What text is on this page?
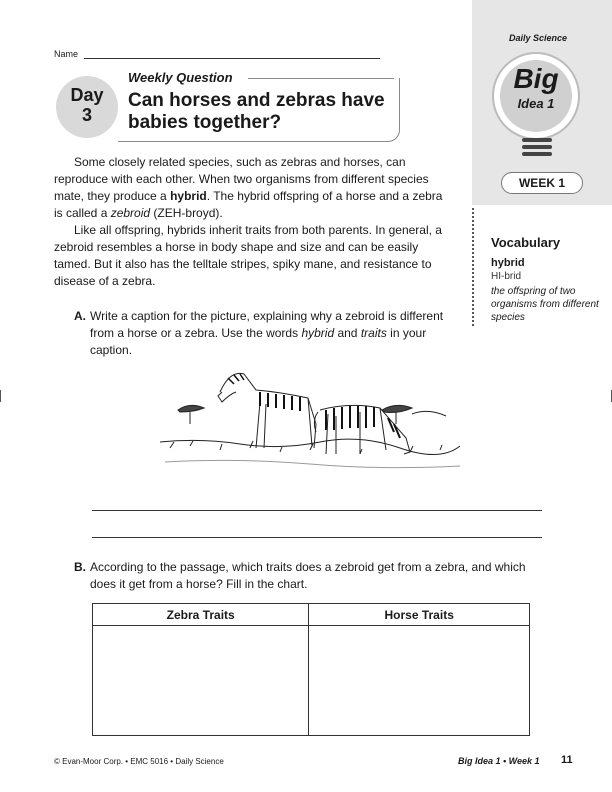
Name
Day
3
Weekly Question
Can horses and zebras have babies together?

Some closely related species, such as zebras and horses, can reproduce with each other. When two organisms from different species mate, they produce a hybrid. The hybrid offspring of a horse and a zebra is called a zebroid (ZEH-broyd).

Like all offspring, hybrids inherit traits from both parents. In general, a zebroid resembles a horse in body shape and size and can be easily tamed. But it also has the telltale stripes, spiky mane, and resistance to disease of a zebra.

A. Write a caption for the picture, explaining why a zebroid is different from a horse or a zebra. Use the words hybrid and traits in your caption.
B. According to the passage, which traits does a zebroid get from a zebra, and which does it get from a horse? Fill in the chart.
Zebra Traits	Horse Traits

Daily Science
Big
Idea 1
WEEK 1
Vocabulary
hybrid
HI-brid
the offspring of two organisms from different species
© Evan-Moor Corp. • EMC 5016 • Daily Science	Big Idea 1 • Week 1 11
